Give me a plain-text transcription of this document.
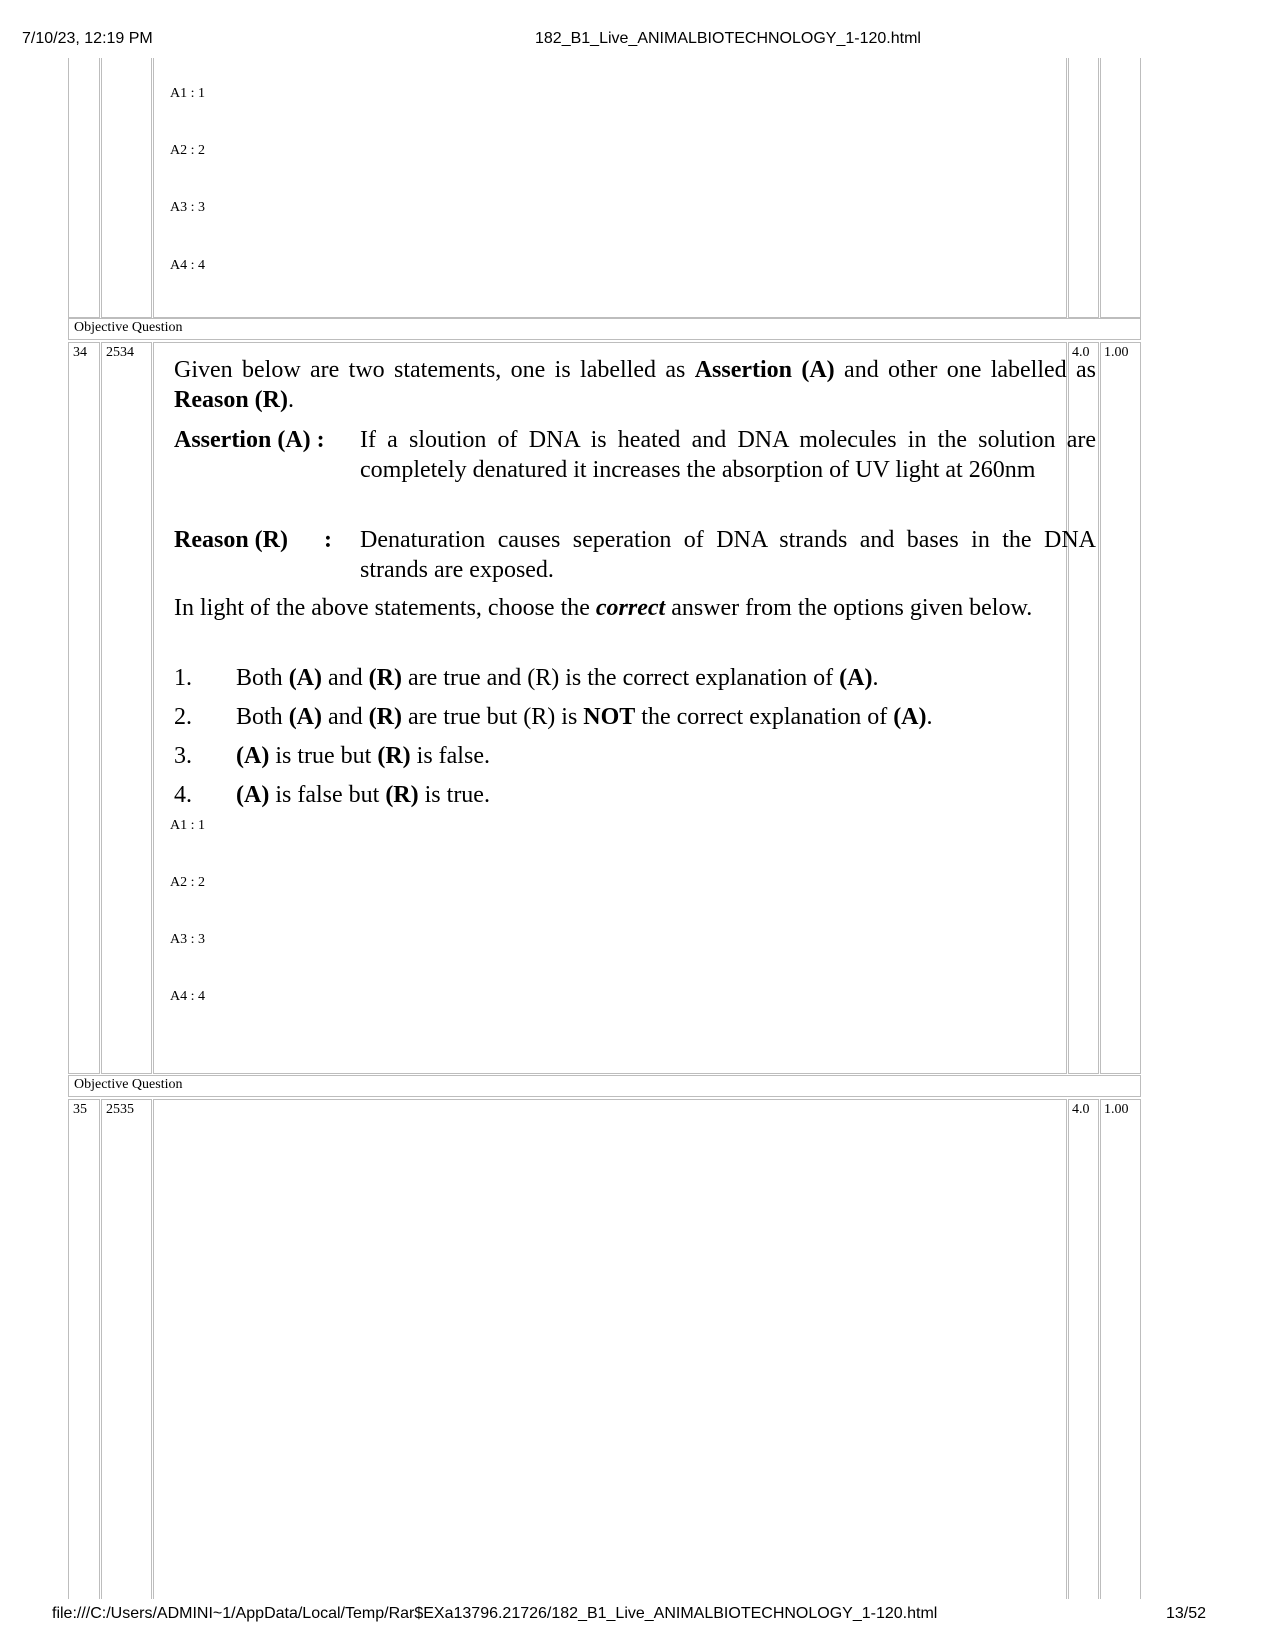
7/10/23, 12:19 PM	182_B1_Live_ANIMALBIOTECHNOLOGY_1-120.html
A1 : 1
A2 : 2
A3 : 3
A4 : 4
Objective Question
34 2534	4.0 1.00

Given below are two statements, one is labelled as Assertion (A) and other one labelled as Reason (R).

Assertion (A) : If a sloution of DNA is heated and DNA molecules in the solution are completely denatured it increases the absorption of UV light at 260nm
Reason (R) : Denaturation causes seperation of DNA strands and bases in the DNA strands are exposed.

In light of the above statements, choose the correct answer from the options given below.

1. Both (A) and (R) are true and (R) is the correct explanation of (A).
2. Both (A) and (R) are true but (R) is NOT the correct explanation of (A).
3. (A) is true but (R) is false.
4. (A) is false but (R) is true.
A1 : 1
A2 : 2
A3 : 3
A4 : 4
Objective Question
35 2535	4.0 1.00
file:///C:/Users/ADMINI~1/AppData/Local/Temp/Rar$EXa13796.21726/182_B1_Live_ANIMALBIOTECHNOLOGY_1-120.html	13/52
